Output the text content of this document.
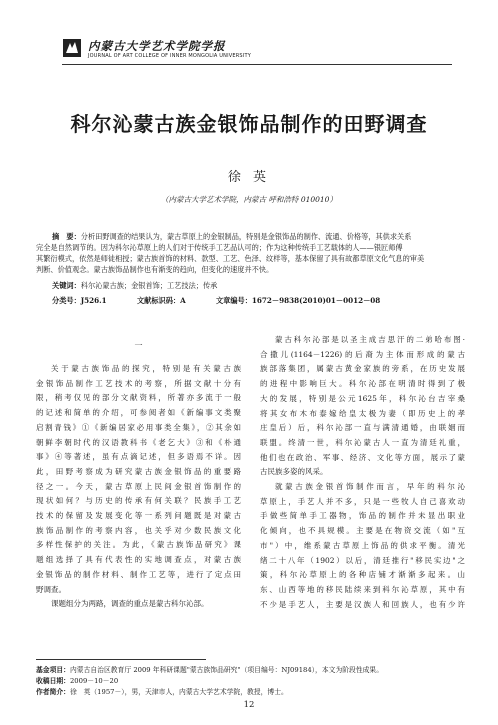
内蒙古大学艺术学院学报
JOURNAL OF ART COLLEGE OF INNER MONGOLIA UNIVERSITY
科尔沁蒙古族金银饰品制作的田野调查
徐 英
（内蒙古大学艺术学院，内蒙古 呼和浩特 010010）
摘　要：分析田野调查的结果认为，蒙古草原上的金银制品，特别是金银饰品的制作、流通、价格等，其供求关系
完全是自然调节的。因为科尔沁草原上的人们对于传统手工艺品认可的；作为这种传统手工艺载体的人——银匠师傅
其繁衍模式，依然是师徒相授；蒙古族首饰的材料、款型、工艺、色泽、纹样等，基本保留了具有故都草原文化气息的审美
判断、价值观念。蒙古族饰品制作也有渐变的趋向，但变化的速度并不快。
关键词：科尔沁蒙古族；金银首饰；工艺技法；传承
分类号：J526.1	文献标识码：A	文章编号：1672－9838(2010)01－0012－08
一

关于蒙古族饰品的探究，特别是有关蒙古族

金银饰品制作工艺技术的考察，所据文献十分有

限，稍考仅见的部分文献资料，所著亦多流于一般

的记述和简单的介绍，可参阅者如《新编事文类聚

启割青钱》①《新编居家必用事类全集》，②其余如

朝鲜李朝时代的汉语教科书《老乞大》③和《朴通

事》④等著述，虽有点滴记述，但多语焉不详。因

此，田野考察成为研究蒙古族金银饰品的重要路

径之一。今天，蒙古草原上民间金银首饰制作的

现状如何？与历史的传承有何关联？民族手工艺

技术的保留及发展变化等一系列问题既是对蒙古

族饰品制作的考察内容，也关乎对少数民族文化

多样性保护的关注。为此，《蒙古族饰品研究》课

题组选择了具有代表性的实地调查点，对蒙古族

金银饰品的制作材料、制作工艺等，进行了定点田

野调查。

课题组分为两路，调查的重点是蒙古科尔沁部。

蒙古科尔沁部是以圣主成吉思汗的二弟哈布图·

合撒儿(1164－1226)的后裔为主体而形成的蒙古

族部落集团，属蒙古黄金家族的旁系，在历史发展

的进程中影响巨大。科尔沁部在明清时得到了极

大的发展，特别是公元1625年，科尔沁台吉宰桑

将其女布木布泰嫁给皇太极为妻（即历史上的孝

庄皇后）后，科尔沁部一直与满清通婚，由联姻而

联盟。终清一世，科尔沁蒙古人一直为清廷礼重，

他们也在政治、军事、经济、文化等方面，展示了蒙

古民族多姿的风采。

就蒙古族金银首饰制作而言，早年的科尔沁

草原上，手艺人并不多，只是一些牧人自己喜欢动

手做些简单手工器物，饰品的制作并未显出职业

化倾向，也不具规模。主要是在物资交流（如"互

市"）中，维系蒙古草原上饰品的供求平衡。清光

绪二十八年（1902）以后，清廷推行"移民实边"之

策，科尔沁草原上的各种店铺才渐渐多起来。山

东、山西等地的移民陆续来到科尔沁草原，其中有

不少是手艺人，主要是汉族人和回族人，也有少许

基金项目：内蒙古自治区教育厅 2009 年科研课题"蒙古族饰品研究"（项目编号：NJ09184），本文为阶段性成果。
收稿日期：2009－10－20
作者简介：徐　英（1957－），男，天津市人，内蒙古大学艺术学院，教授，博士。
12
